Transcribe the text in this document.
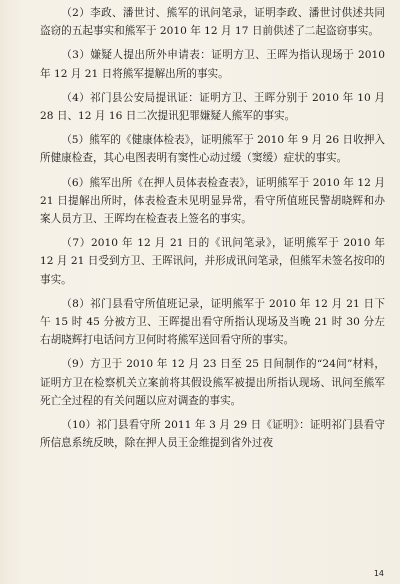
（2）李政、潘世讨、熊军的讯问笔录，证明李政、潘世讨供述共同盗窃的五起事实和熊军于 2010 年 12 月 17 日前供述了二起盗窃事实。

（3）嫌疑人提出所外申请表：证明方卫、王晖为指认现场于 2010 年 12 月 21 日将熊军提解出所的事实。

（4）祁门县公安局提讯证：证明方卫、王晖分别于 2010 年 10 月 28 日、12 月 16 日二次提讯犯罪嫌疑人熊军的事实。

（5）熊军的《健康体检表》，证明熊军于 2010 年 9 月 26 日收押入所健康检查，其心电图表明有窦性心动过缓（窦缓）症状的事实。

（6）熊军出所《在押人员体表检查表》，证明熊军于 2010 年 12 月 21 日提解出所时，体表检查未见明显异常，看守所值班民警胡晓辉和办案人员方卫、王晖均在检查表上签名的事实。

（7）2010 年 12 月 21 日的《讯问笔录》，证明熊军于 2010 年 12 月 21 日受到方卫、王晖讯问，并形成讯问笔录，但熊军未签名按印的事实。

（8）祁门县看守所值班记录，证明熊军于 2010 年 12 月 21 日下午 15 时 45 分被方卫、王晖提出看守所指认现场及当晚 21 时 30 分左右胡晓辉打电话问方卫何时将熊军送回看守所的事实。

（9）方卫于 2010 年 12 月 23 日至 25 日间制作的“24问”材料，证明方卫在检察机关立案前将其假设熊军被提出所指认现场、讯问至熊军死亡全过程的有关问题以应对调查的事实。

（10）祁门县看守所 2011 年 3 月 29 日《证明》：证明祁门县看守所信息系统反映，除在押人员王金维提到省外过夜

14
